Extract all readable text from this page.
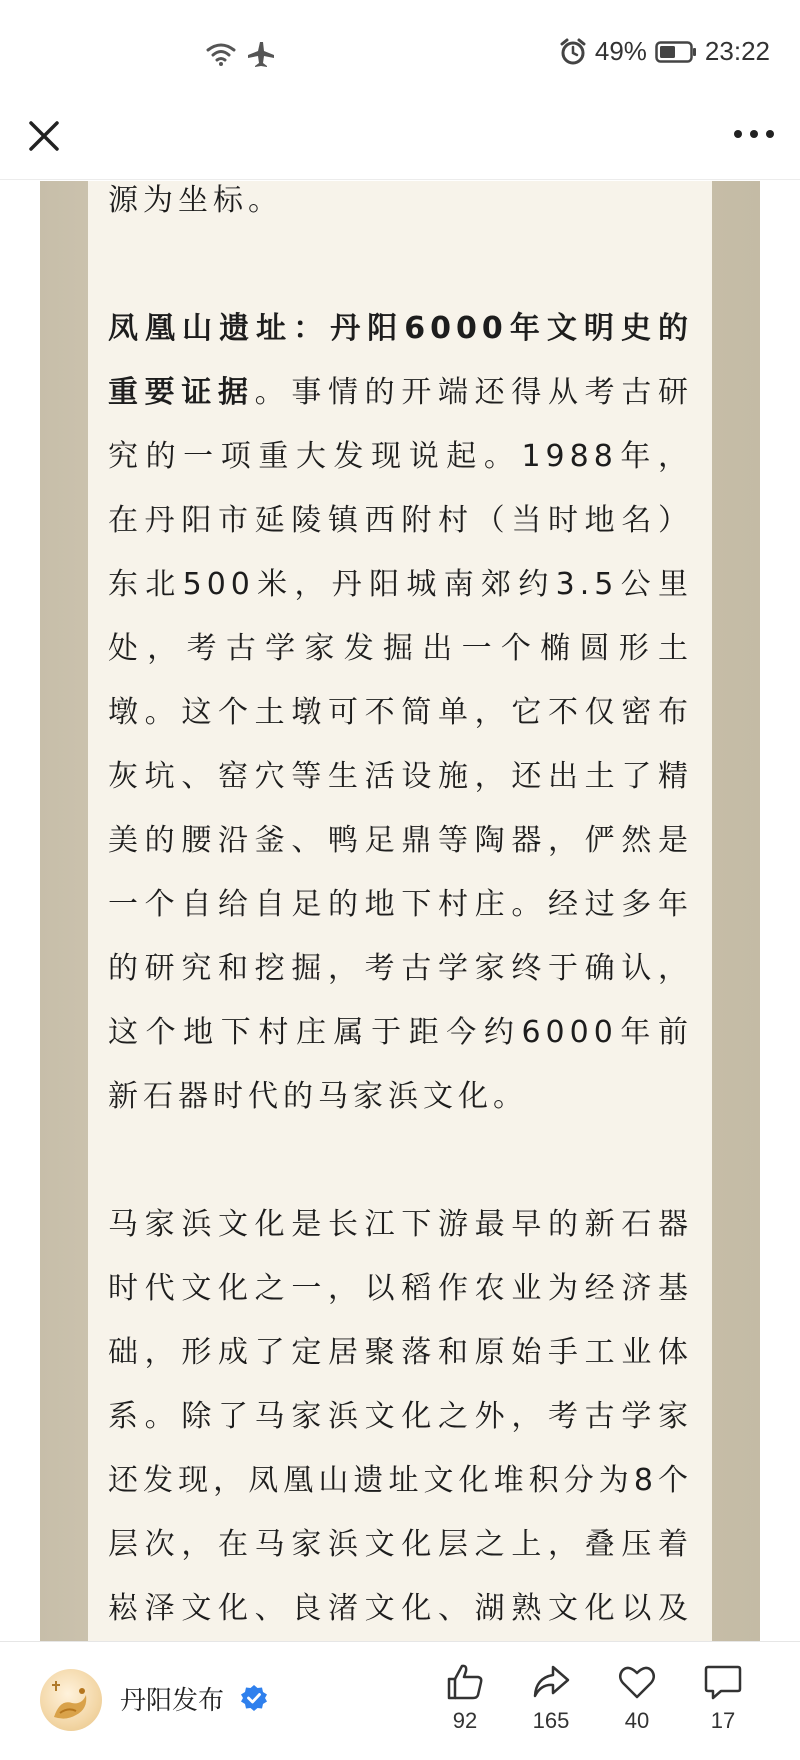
49% 23:22

源为坐标。

凤凰山遗址：丹阳6000年文明史的重要证据。事情的开端还得从考古研究的一项重大发现说起。1988年，在丹阳市延陵镇西附村（当时地名）东北500米，丹阳城南郊约3.5公里处，考古学家发掘出一个椭圆形土墩。这个土墩可不简单，它不仅密布灰坑、窑穴等生活设施，还出土了精美的腰沿釜、鸭足鼎等陶器，俨然是一个自给自足的地下村庄。经过多年的研究和挖掘，考古学家终于确认，这个地下村庄属于距今约6000年前新石器时代的马家浜文化。

马家浜文化是长江下游最早的新石器时代文化之一，以稻作农业为经济基础，形成了定居聚落和原始手工业体系。除了马家浜文化之外，考古学家还发现，凤凰山遗址文化堆积分为8个层次，在马家浜文化层之上，叠压着崧泽文化、良渚文化、湖熟文化以及

丹阳发布
92	165	40	17
